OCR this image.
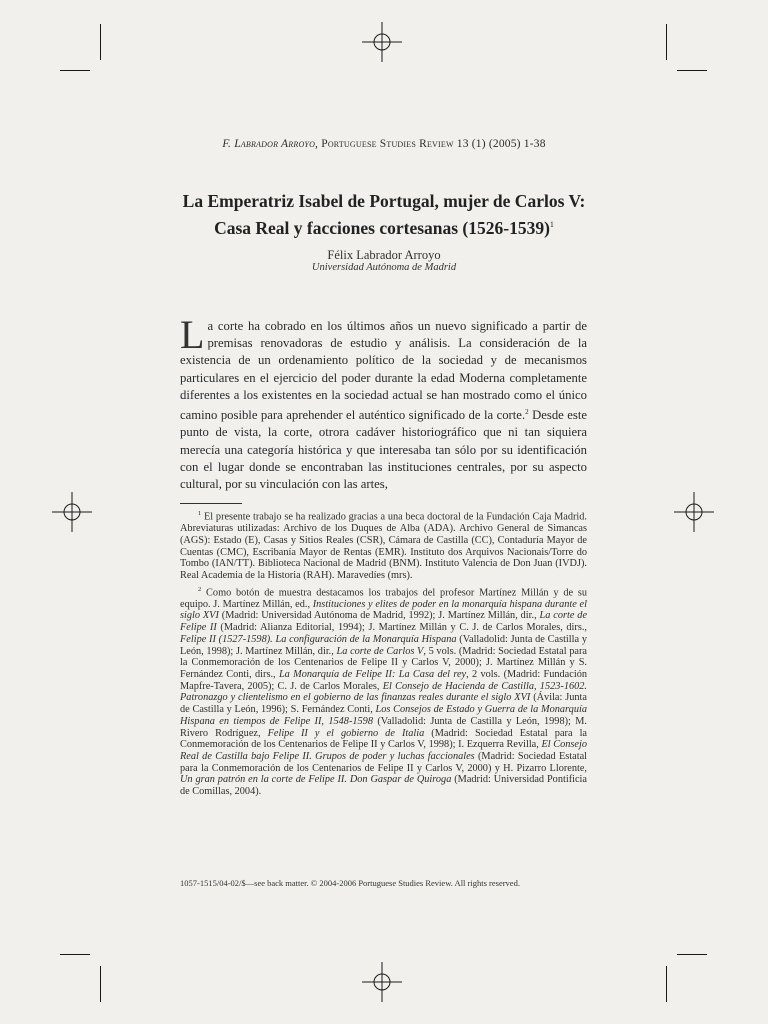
F. Labrador Arroyo, Portuguese Studies Review 13 (1) (2005) 1-38
La Emperatriz Isabel de Portugal, mujer de Carlos V:
Casa Real y facciones cortesanas (1526-1539)$^1$
Félix Labrador Arroyo
Universidad Autónoma de Madrid
La corte ha cobrado en los últimos años un nuevo significado a partir de premisas renovadoras de estudio y análisis. La consideración de la existencia de un ordenamiento político de la sociedad y de mecanismos particulares en el ejercicio del poder durante la edad Moderna completamente diferentes a los existentes en la sociedad actual se han mostrado como el único camino posible para aprehender el auténtico significado de la corte.$^2$ Desde este punto de vista, la corte, otrora cadáver historiográfico que ni tan siquiera merecía una categoría histórica y que interesaba tan sólo por su identificación con el lugar donde se encontraban las instituciones centrales, por su aspecto cultural, por su vinculación con las artes,

$^1$ El presente trabajo se ha realizado gracias a una beca doctoral de la Fundación Caja Madrid. Abreviaturas utilizadas: Archivo de los Duques de Alba (ADA). Archivo General de Simancas (AGS): Estado (E), Casas y Sitios Reales (CSR), Cámara de Castilla (CC), Contaduría Mayor de Cuentas (CMC), Escribanía Mayor de Rentas (EMR). Instituto dos Arquivos Nacionais/Torre do Tombo (IAN/TT). Biblioteca Nacional de Madrid (BNM). Instituto Valencia de Don Juan (IVDJ). Real Academia de la Historia (RAH). Maravedíes (mrs).

$^2$ Como botón de muestra destacamos los trabajos del profesor Martínez Millán y de su equipo. J. Martínez Millán, ed., Instituciones y elites de poder en la monarquía hispana durante el siglo XVI (Madrid: Universidad Autónoma de Madrid, 1992); J. Martínez Millán, dir., La corte de Felipe II (Madrid: Alianza Editorial, 1994); J. Martínez Millán y C. J. de Carlos Morales, dirs., Felipe II (1527-1598). La configuración de la Monarquía Hispana (Valladolid: Junta de Castilla y León, 1998); J. Martínez Millán, dir., La corte de Carlos V, 5 vols. (Madrid: Sociedad Estatal para la Conmemoración de los Centenarios de Felipe II y Carlos V, 2000); J. Martínez Millán y S. Fernández Conti, dirs., La Monarquía de Felipe II: La Casa del rey, 2 vols. (Madrid: Fundación Mapfre-Tavera, 2005); C. J. de Carlos Morales, El Consejo de Hacienda de Castilla, 1523-1602. Patronazgo y clientelismo en el gobierno de las finanzas reales durante el siglo XVI (Ávila: Junta de Castilla y León, 1996); S. Fernández Conti, Los Consejos de Estado y Guerra de la Monarquía Hispana en tiempos de Felipe II, 1548-1598 (Valladolid: Junta de Castilla y León, 1998); M. Rivero Rodríguez, Felipe II y el gobierno de Italia (Madrid: Sociedad Estatal para la Conmemoración de los Centenarios de Felipe II y Carlos V, 1998); I. Ezquerra Revilla, El Consejo Real de Castilla bajo Felipe II. Grupos de poder y luchas faccionales (Madrid: Sociedad Estatal para la Conmemoración de los Centenarios de Felipe II y Carlos V, 2000) y H. Pizarro Llorente, Un gran patrón en la corte de Felipe II. Don Gaspar de Quiroga (Madrid: Universidad Pontificia de Comillas, 2004).

1057-1515/04-02/$—see back matter. © 2004-2006 Portuguese Studies Review. All rights reserved.
